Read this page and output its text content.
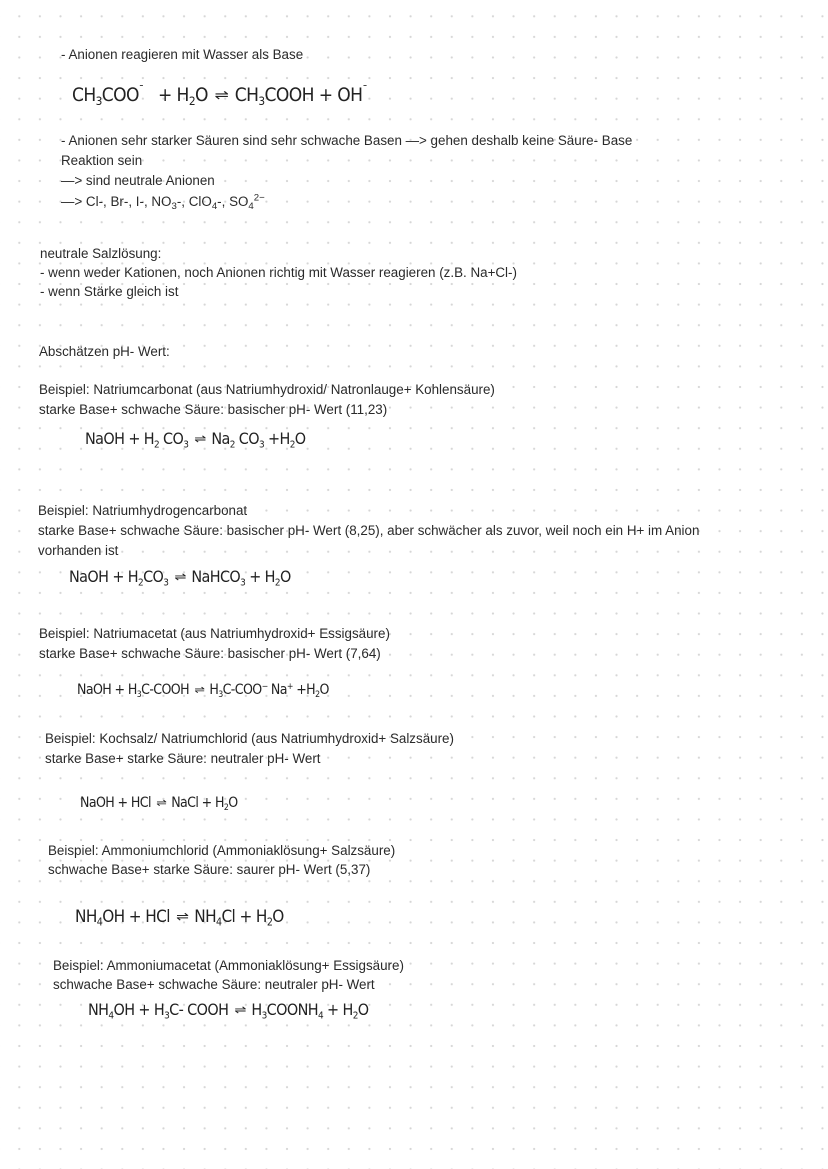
- Anionen reagieren mit Wasser als Base
$CH_3COO^¯ + H_2O$ ⇌ $CH_3COOH + OH^¯$
- Anionen sehr starker Säuren sind sehr schwache Basen —> gehen deshalb keine Säure- Base
Reaktion sein
—> sind neutrale Anionen
—> Cl-, Br-, I-, $NO_3-$, ClO$_4$-, $SO_4^{2-}$
neutrale Salzlösung:
- wenn weder Kationen, noch Anionen richtig mit Wasser reagieren (z.B. Na+Cl-)
- wenn Stärke gleich ist
Abschätzen pH- Wert:
Beispiel: Natriumcarbonat (aus Natriumhydroxid/ Natronlauge+ Kohlensäure)
starke Base+ schwache Säure: basischer pH- Wert (11,23)
NaOH + $H_2$ $CO_3$ ⇌ $Na_2$ $CO_3 +H_2O$
Beispiel: Natriumhydrogencarbonat
starke Base+ schwache Säure: basischer pH- Wert (8,25), aber schwächer als zuvor, weil noch ein H+ im Anion
vorhanden ist
NaOH + $H_2CO_3$ ⇌ NaHCO$_3$ + $H_2O$
Beispiel: Natriumacetat (aus Natriumhydroxid+ Essigsäure)
starke Base+ schwache Säure: basischer pH- Wert (7,64)
NaOH + $H_3C$-COOH ⇌ $H_3C-COO^-$ $Na^+ +H_2O$
Beispiel: Kochsalz/ Natriumchlorid (aus Natriumhydroxid+ Salzsäure)
starke Base+ starke Säure: neutraler pH- Wert
NaOH + HCl ⇌ NaCl + $H_2O$
Beispiel: Ammoniumchlorid (Ammoniaklösung+ Salzsäure)
schwache Base+ starke Säure: saurer pH- Wert (5,37)
$NH_4OH$ + HCl ⇌ $NH_4Cl + H_2O$
Beispiel: Ammoniumacetat (Ammoniaklösung+ Essigsäure)
schwache Base+ schwache Säure: neutraler pH- Wert
$NH_4OH + H_3C-$ COOH ⇌ $H_3COONH_4 + H_2O$
